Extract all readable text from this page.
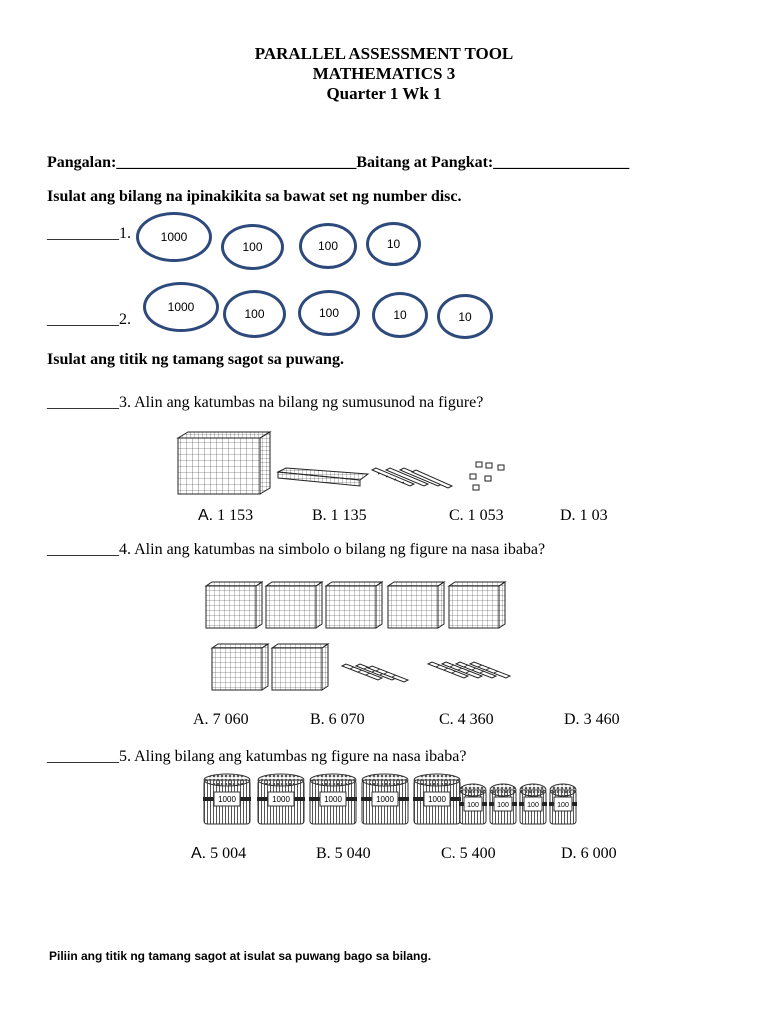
PARALLEL ASSESSMENT TOOL
MATHEMATICS 3
Quarter 1 Wk 1
Pangalan:______________________________Baitang at Pangkat:_________________
Isulat ang bilang na ipinakikita sa bawat set ng number disc.
_________1.	1000
100	100	10
_________2.
1000	100	100	10	10
Isulat ang titik ng tamang sagot sa puwang.
_________3. Alin ang katumbas na bilang ng sumusunod na figure?
A. 1 153	B. 1 135	C. 1 053	D. 1 03
_________4. Alin ang katumbas na simbolo o bilang ng figure na nasa ibaba?
A. 7 060	B. 6 070	C. 4 360	D. 3 460
_________5. Aling bilang ang katumbas ng figure na nasa ibaba?
1000	1000	1000	1000	1000
100	100	100	100
A. 5 004	B. 5 040	C. 5 400	D. 6 000
Piliin ang titik ng tamang sagot at isulat sa puwang bago sa bilang.
